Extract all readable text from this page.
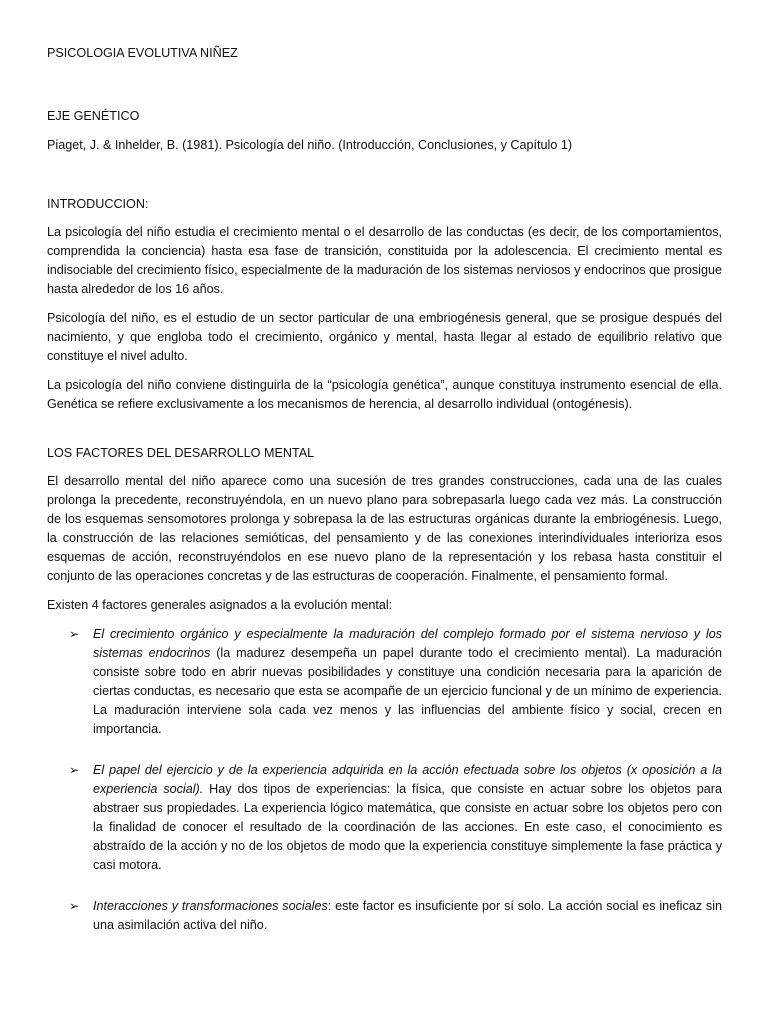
PSICOLOGIA EVOLUTIVA NIÑEZ
EJE GENÉTICO
Piaget, J. & Inhelder, B. (1981). Psicología del niño. (Introducción, Conclusiones, y Capítulo 1)
INTRODUCCION:

La psicología del niño estudia el crecimiento mental o el desarrollo de las conductas (es decir, de los comportamientos, comprendida la conciencia) hasta esa fase de transición, constituida por la adolescencia. El crecimiento mental es indisociable del crecimiento físico, especialmente de la maduración de los sistemas nerviosos y endocrinos que prosigue hasta alrededor de los 16 años.

Psicología del niño, es el estudio de un sector particular de una embriogénesis general, que se prosigue después del nacimiento, y que engloba todo el crecimiento, orgánico y mental, hasta llegar al estado de equilibrio relativo que constituye el nivel adulto.

La psicología del niño conviene distinguirla de la “psicología genética”, aunque constituya instrumento esencial de ella. Genética se refiere exclusivamente a los mecanismos de herencia, al desarrollo individual (ontogénesis).

LOS FACTORES DEL DESARROLLO MENTAL

El desarrollo mental del niño aparece como una sucesión de tres grandes construcciones, cada una de las cuales prolonga la precedente, reconstruyéndola, en un nuevo plano para sobrepasarla luego cada vez más. La construcción de los esquemas sensomotores prolonga y sobrepasa la de las estructuras orgánicas durante la embriogénesis. Luego, la construcción de las relaciones semióticas, del pensamiento y de las conexiones interindividuales interioriza esos esquemas de acción, reconstruyéndolos en ese nuevo plano de la representación y los rebasa hasta constituir el conjunto de las operaciones concretas y de las estructuras de cooperación. Finalmente, el pensamiento formal.

Existen 4 factores generales asignados a la evolución mental:

➢ El crecimiento orgánico y especialmente la maduración del complejo formado por el sistema nervioso y los sistemas endocrinos (la madurez desempeña un papel durante todo el crecimiento mental). La maduración consiste sobre todo en abrir nuevas posibilidades y constituye una condición necesaria para la aparición de ciertas conductas, es necesario que esta se acompañe de un ejercicio funcional y de un mínimo de experiencia. La maduración interviene sola cada vez menos y las influencias del ambiente físico y social, crecen en importancia.
➢ El papel del ejercicio y de la experiencia adquirida en la acción efectuada sobre los objetos (x oposición a la experiencia social). Hay dos tipos de experiencias: la física, que consiste en actuar sobre los objetos para abstraer sus propiedades. La experiencia lógico matemática, que consiste en actuar sobre los objetos pero con la finalidad de conocer el resultado de la coordinación de las acciones. En este caso, el conocimiento es abstraído de la acción y no de los objetos de modo que la experiencia constituye simplemente la fase práctica y casi motora.
➢ Interacciones y transformaciones sociales: este factor es insuficiente por sí solo. La acción social es ineficaz sin una asimilación activa del niño.
